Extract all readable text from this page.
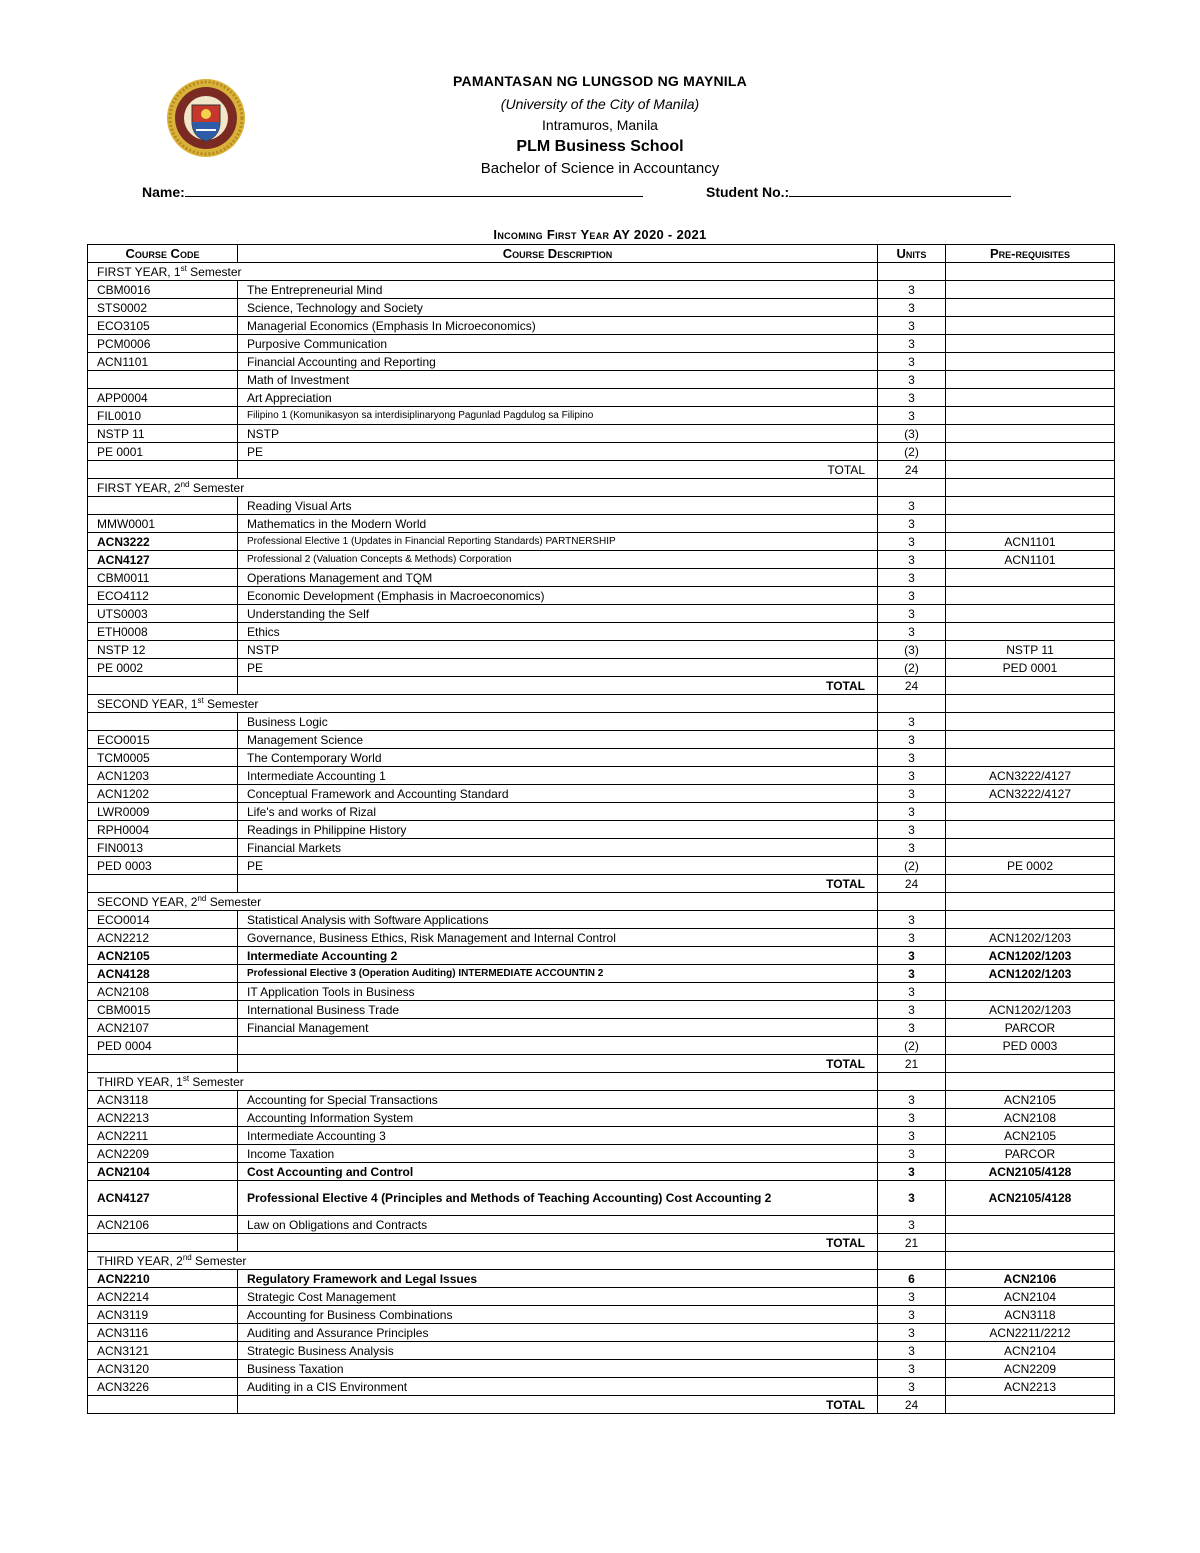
PAMANTASAN NG LUNGSOD NG MAYNILA
(University of the City of Manila)
Intramuros, Manila
PLM Business School
Bachelor of Science in Accountancy
Name:	Student No.:
Incoming First Year AY 2020 - 2021
Course Code	Course Description	Units	Pre-requisites
FIRST YEAR, 1st Semester			
CBM0016	The Entrepreneurial Mind	3	
STS0002	Science, Technology and Society	3	
ECO3105	Managerial Economics (Emphasis In Microeconomics)	3	
PCM0006	Purposive Communication	3	
ACN1101	Financial Accounting and Reporting	3	
	Math of Investment	3	
APP0004	Art Appreciation	3	
FIL0010	Filipino 1 (Komunikasyon sa interdisiplinaryong Pagunlad Pagdulog sa Filipino	3	
NSTP 11	NSTP	(3)	
PE 0001	PE	(2)	
	TOTAL	24	
FIRST YEAR, 2nd Semester			
	Reading Visual Arts	3	
MMW0001	Mathematics in the Modern World	3	
ACN3222	Professional Elective 1 (Updates in Financial Reporting Standards) PARTNERSHIP	3	ACN1101
ACN4127	Professional 2 (Valuation Concepts & Methods) Corporation	3	ACN1101
CBM0011	Operations Management and TQM	3	
ECO4112	Economic Development (Emphasis in Macroeconomics)	3	
UTS0003	Understanding the Self	3	
ETH0008	Ethics	3	
NSTP 12	NSTP	(3)	NSTP 11
PE 0002	PE	(2)	PED 0001
	TOTAL	24	
SECOND YEAR, 1st Semester			
	Business Logic	3	
ECO0015	Management Science	3	
TCM0005	The Contemporary World	3	
ACN1203	Intermediate Accounting 1	3	ACN3222/4127
ACN1202	Conceptual Framework and Accounting Standard	3	ACN3222/4127
LWR0009	Life's and works of Rizal	3	
RPH0004	Readings in Philippine History	3	
FIN0013	Financial Markets	3	
PED 0003	PE	(2)	PE 0002
	TOTAL	24	
SECOND YEAR, 2nd Semester			
ECO0014	Statistical Analysis with Software Applications	3	
ACN2212	Governance, Business Ethics, Risk Management and Internal Control	3	ACN1202/1203
ACN2105	Intermediate Accounting 2	3	ACN1202/1203
ACN4128	Professional Elective 3 (Operation Auditing) INTERMEDIATE ACCOUNTIN 2	3	ACN1202/1203
ACN2108	IT Application Tools in Business	3	
CBM0015	International Business Trade	3	ACN1202/1203
ACN2107	Financial Management	3	PARCOR
PED 0004		(2)	PED 0003
	TOTAL	21	
THIRD YEAR, 1st Semester			
ACN3118	Accounting for Special Transactions	3	ACN2105
ACN2213	Accounting Information System	3	ACN2108
ACN2211	Intermediate Accounting 3	3	ACN2105
ACN2209	Income Taxation	3	PARCOR
ACN2104	Cost Accounting and Control	3	ACN2105/4128
ACN4127	Professional Elective 4 (Principles and Methods of Teaching Accounting) Cost Accounting 2	3	ACN2105/4128
ACN2106	Law on Obligations and Contracts	3	
	TOTAL	21	
THIRD YEAR, 2nd Semester			
ACN2210	Regulatory Framework and Legal Issues	6	ACN2106
ACN2214	Strategic Cost Management	3	ACN2104
ACN3119	Accounting for Business Combinations	3	ACN3118
ACN3116	Auditing and Assurance Principles	3	ACN2211/2212
ACN3121	Strategic Business Analysis	3	ACN2104
ACN3120	Business Taxation	3	ACN2209
ACN3226	Auditing in a CIS Environment	3	ACN2213
	TOTAL	24	
